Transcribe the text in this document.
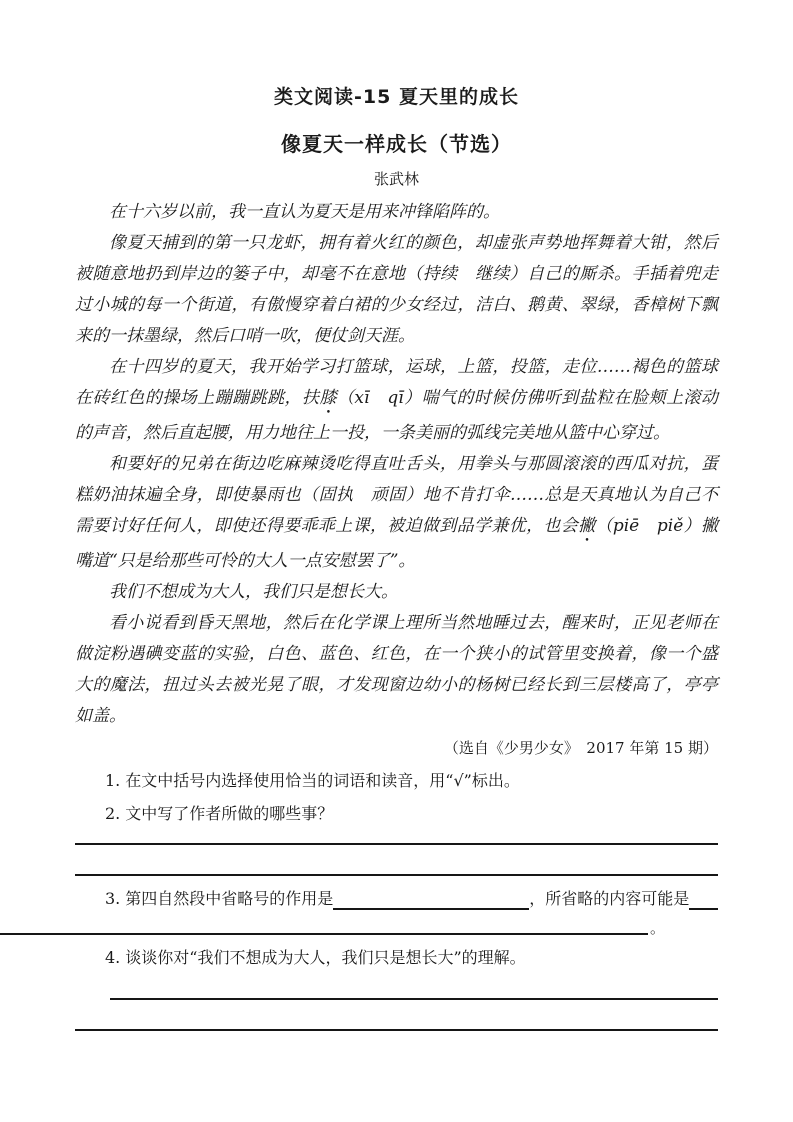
类文阅读-15 夏天里的成长
像夏天一样成长（节选）
张武林

在十六岁以前，我一直认为夏天是用来冲锋陷阵的。

像夏天捕到的第一只龙虾，拥有着火红的颜色，却虚张声势地挥舞着大钳，然后被随意地扔到岸边的篓子中，却毫不在意地（持续　继续）自己的厮杀。手插着兜走过小城的每一个街道，有傲慢穿着白裙的少女经过，洁白、鹅黄、翠绿，香樟树下飘来的一抹墨绿，然后口哨一吹，便仗剑天涯。

在十四岁的夏天，我开始学习打篮球，运球，上篮，投篮，走位……褐色的篮球在砖红色的操场上蹦蹦跳跳，扶膝（xī　qī）喘气的时候仿佛听到盐粒在脸颊上滚动的声音，然后直起腰，用力地往上一投，一条美丽的弧线完美地从篮中心穿过。

和要好的兄弟在街边吃麻辣烫吃得直吐舌头，用拳头与那圆滚滚的西瓜对抗，蛋糕奶油抹遍全身，即使暴雨也（固执　顽固）地不肯打伞……总是天真地认为自己不需要讨好任何人，即使还得要乖乖上课，被迫做到品学兼优，也会撇（piē　piě）撇嘴道“只是给那些可怜的大人一点安慰罢了”。

我们不想成为大人，我们只是想长大。

看小说看到昏天黑地，然后在化学课上理所当然地睡过去，醒来时，正见老师在做淀粉遇碘变蓝的实验，白色、蓝色、红色，在一个狭小的试管里变换着，像一个盛大的魔法，扭过头去被光晃了眼，才发现窗边幼小的杨树已经长到三层楼高了，亭亭如盖。

（选自《少男少女》　2017 年第 15 期）
1. 在文中括号内选择使用恰当的词语和读音，用“√”标出。
2. 文中写了作者所做的哪些事？
3. 第四自然段中省略号的作用是	，所省略的内容可能是
。
4. 谈谈你对“我们不想成为大人，我们只是想长大”的理解。
